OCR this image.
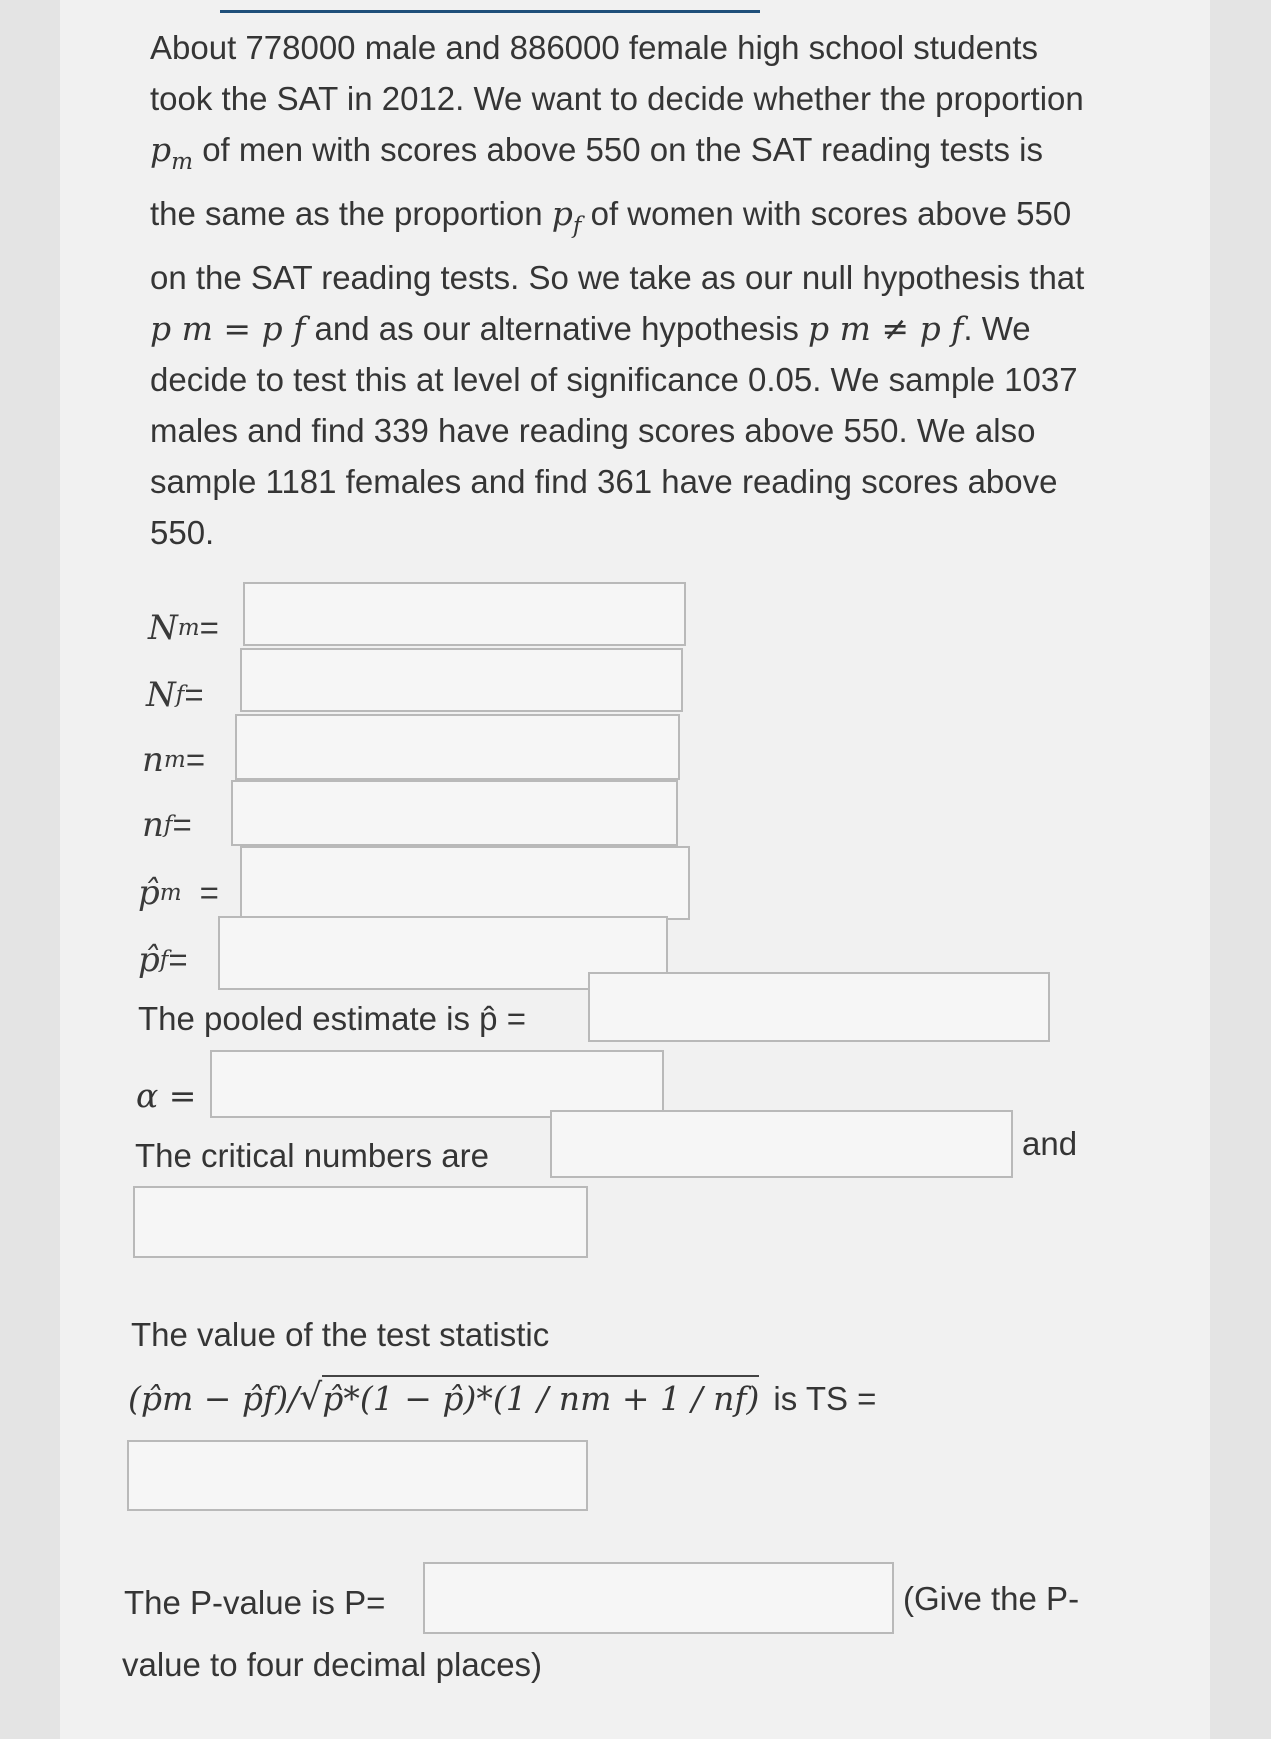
About 778000 male and 886000 female high school students took the SAT in 2012. We want to decide whether the proportion $p_m$ of men with scores above 550 on the SAT reading tests is the same as the proportion $p_f$ of women with scores above 550 on the SAT reading tests. So we take as our null hypothesis that p m = p f and as our alternative hypothesis p m ≠ p f. We decide to test this at level of significance 0.05. We sample 1037 males and find 339 have reading scores above 550. We also sample 1181 females and find 361 have reading scores above 550.
N m =
N f =
n m =
n f =
p̂ m =
p̂ f =
The pooled estimate is p̂ =
α =
The critical numbers are	and
The value of the test statistic
(p̂m − p̂f)/ √ p̂*(1 − p̂)*(1 / nm + 1 / nf) is TS =
The P-value is P=	(Give the P-
value to four decimal places)
